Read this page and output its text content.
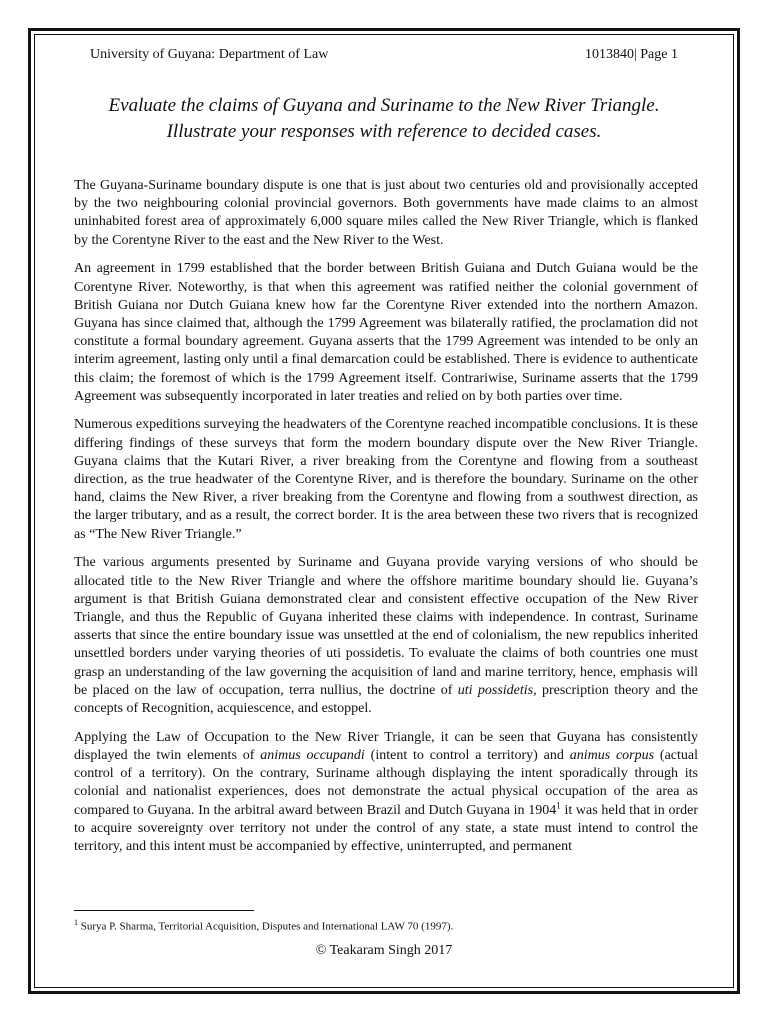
University of Guyana: Department of Law	1013840| Page 1
Evaluate the claims of Guyana and Suriname to the New River Triangle.
Illustrate your responses with reference to decided cases.

The Guyana-Suriname boundary dispute is one that is just about two centuries old and provisionally accepted by the two neighbouring colonial provincial governors. Both governments have made claims to an almost uninhabited forest area of approximately 6,000 square miles called the New River Triangle, which is flanked by the Corentyne River to the east and the New River to the West.

An agreement in 1799 established that the border between British Guiana and Dutch Guiana would be the Corentyne River. Noteworthy, is that when this agreement was ratified neither the colonial government of British Guiana nor Dutch Guiana knew how far the Corentyne River extended into the northern Amazon. Guyana has since claimed that, although the 1799 Agreement was bilaterally ratified, the proclamation did not constitute a formal boundary agreement. Guyana asserts that the 1799 Agreement was intended to be only an interim agreement, lasting only until a final demarcation could be established. There is evidence to authenticate this claim; the foremost of which is the 1799 Agreement itself. Contrariwise, Suriname asserts that the 1799 Agreement was subsequently incorporated in later treaties and relied on by both parties over time.

Numerous expeditions surveying the headwaters of the Corentyne reached incompatible conclusions. It is these differing findings of these surveys that form the modern boundary dispute over the New River Triangle. Guyana claims that the Kutari River, a river breaking from the Corentyne and flowing from a southeast direction, as the true headwater of the Corentyne River, and is therefore the boundary. Suriname on the other hand, claims the New River, a river breaking from the Corentyne and flowing from a southwest direction, as the larger tributary, and as a result, the correct border. It is the area between these two rivers that is recognized as “The New River Triangle.”

The various arguments presented by Suriname and Guyana provide varying versions of who should be allocated title to the New River Triangle and where the offshore maritime boundary should lie. Guyana’s argument is that British Guiana demonstrated clear and consistent effective occupation of the New River Triangle, and thus the Republic of Guyana inherited these claims with independence. In contrast, Suriname asserts that since the entire boundary issue was unsettled at the end of colonialism, the new republics inherited unsettled borders under varying theories of uti possidetis. To evaluate the claims of both countries one must grasp an understanding of the law governing the acquisition of land and marine territory, hence, emphasis will be placed on the law of occupation, terra nullius, the doctrine of uti possidetis, prescription theory and the concepts of Recognition, acquiescence, and estoppel.

Applying the Law of Occupation to the New River Triangle, it can be seen that Guyana has consistently displayed the twin elements of animus occupandi (intent to control a territory) and animus corpus (actual control of a territory). On the contrary, Suriname although displaying the intent sporadically through its colonial and nationalist experiences, does not demonstrate the actual physical occupation of the area as compared to Guyana. In the arbitral award between Brazil and Dutch Guyana in 1904$^1$ it was held that in order to acquire sovereignty over territory not under the control of any state, a state must intend to control the territory, and this intent must be accompanied by effective, uninterrupted, and permanent

$^1$ Surya P. Sharma, Territorial Acquisition, Disputes and International LAW 70 (1997).
© Teakaram Singh 2017
